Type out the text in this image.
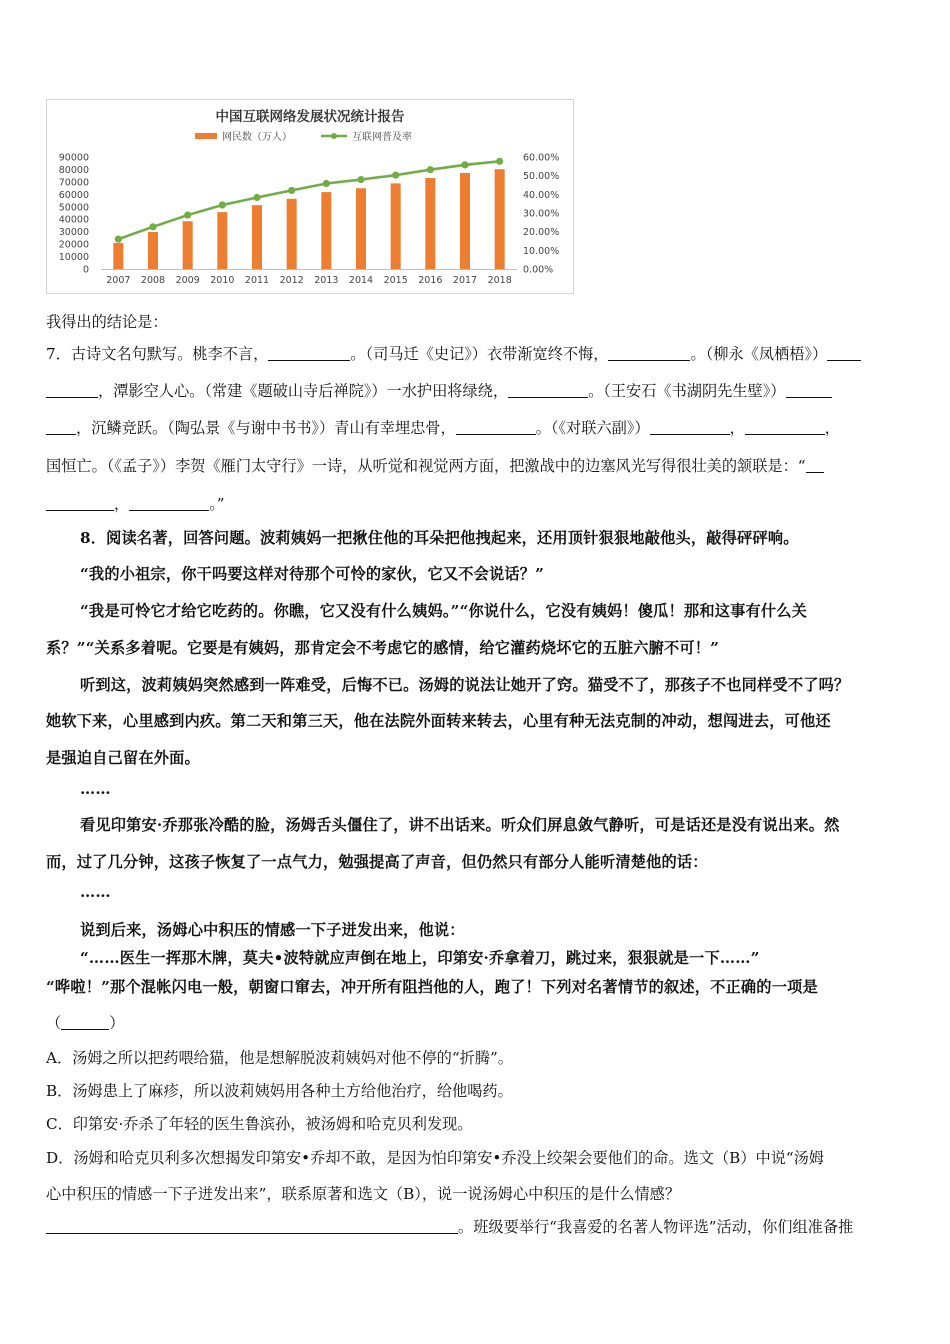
中国互联网络发展状况统计报告
网民数（万人）	互联网普及率
0
10000
20000
30000
40000
50000
60000
70000
80000
90000
0.00%
10.00%
20.00%
30.00%
40.00%
50.00%
60.00%
2007 2008 2009 2010 2011 2012 2013 2014 2015 2016 2017 2018
我得出的结论是：
7．古诗文名句默写。桃李不言，	。（司马迁《史记》）衣带渐宽终不悔，	。（柳永《凤栖梧》）
，潭影空人心。（常建《题破山寺后禅院》）一水护田将绿绕，	。（王安石《书湖阴先生壁》）
，沉鳞竞跃。（陶弘景《与谢中书书》）青山有幸埋忠骨，	。（《对联六副》）	，	，
国恒亡。（《孟子》）李贺《雁门太守行》一诗，从听觉和视觉两方面，把激战中的边塞风光写得很壮美的颔联是：“
，	。”
8．阅读名著，回答问题。波莉姨妈一把揪住他的耳朵把他拽起来，还用顶针狠狠地敲他头，敲得砰砰响。
“我的小祖宗，你干吗要这样对待那个可怜的家伙，它又不会说话？”
“我是可怜它才给它吃药的。你瞧，它又没有什么姨妈。”“你说什么，它没有姨妈！傻瓜！那和这事有什么关
系？”“关系多着呢。它要是有姨妈，那肯定会不考虑它的感情，给它灌药烧坏它的五脏六腑不可！”
听到这，波莉姨妈突然感到一阵难受，后悔不已。汤姆的说法让她开了窍。猫受不了，那孩子不也同样受不了吗？
她软下来，心里感到内疚。第二天和第三天，他在法院外面转来转去，心里有种无法克制的冲动，想闯进去，可他还
是强迫自己留在外面。
……
看见印第安·乔那张冷酷的脸，汤姆舌头僵住了，讲不出话来。听众们屏息敛气静听，可是话还是没有说出来。然
而，过了几分钟，这孩子恢复了一点气力，勉强提高了声音，但仍然只有部分人能听清楚他的话：
……
说到后来，汤姆心中积压的情感一下子迸发出来，他说：
“……医生一挥那木牌，莫夫•波特就应声倒在地上，印第安·乔拿着刀，跳过来，狠狠就是一下……”
“哗啦！”那个混帐闪电一般，朝窗口窜去，冲开所有阻挡他的人，跑了！下列对名著情节的叙述，不正确的一项是
（	）
A．汤姆之所以把药喂给猫，他是想解脱波莉姨妈对他不停的“折腾”。
B．汤姆患上了麻疹，所以波莉姨妈用各种土方给他治疗，给他喝药。
C．印第安·乔杀了年轻的医生鲁滨孙，被汤姆和哈克贝利发现。
D．汤姆和哈克贝利多次想揭发印第安•乔却不敢，是因为怕印第安•乔没上绞架会要他们的命。选文（B）中说“汤姆
心中积压的情感一下子迸发出来”，联系原著和选文（B），说一说汤姆心中积压的是什么情感？
。班级要举行“我喜爱的名著人物评选”活动，你们组准备推
